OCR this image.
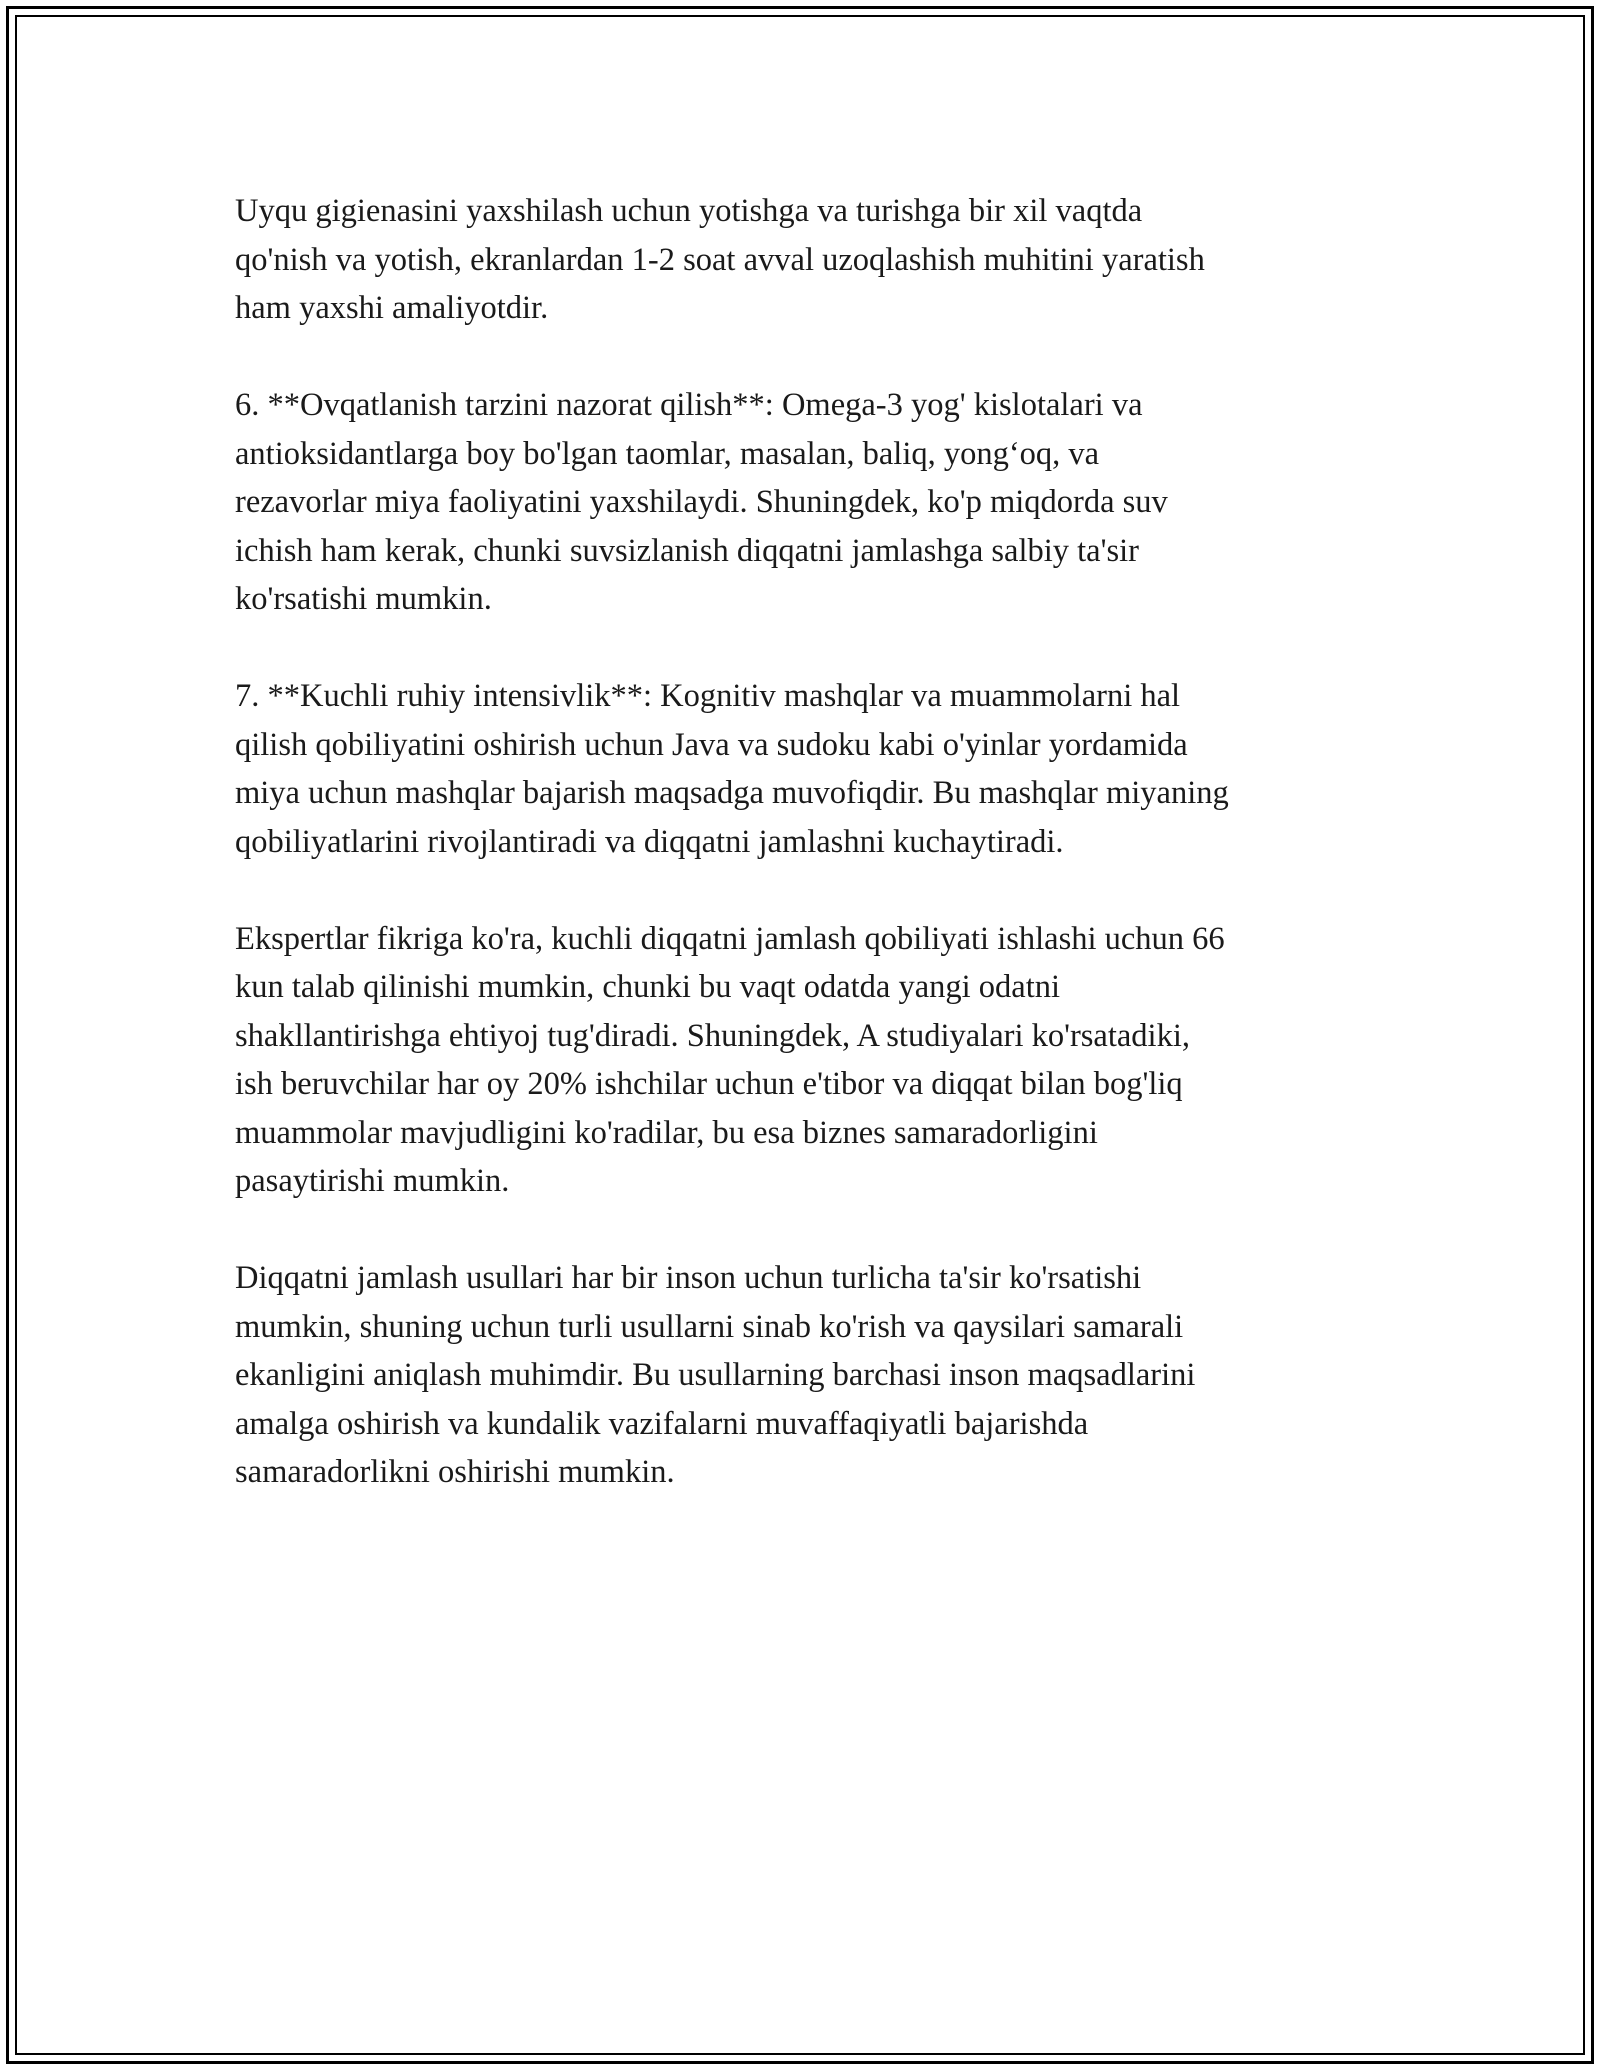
Uyqu gigienasini yaxshilash uchun yotishga va turishga bir xil vaqtda
qo'nish va yotish, ekranlardan 1-2 soat avval uzoqlashish muhitini yaratish
ham yaxshi amaliyotdir.

6. **Ovqatlanish tarzini nazorat qilish**: Omega-3 yog' kislotalari va
antioksidantlarga boy bo'lgan taomlar, masalan, baliq, yong‘oq, va
rezavorlar miya faoliyatini yaxshilaydi. Shuningdek, ko'p miqdorda suv
ichish ham kerak, chunki suvsizlanish diqqatni jamlashga salbiy ta'sir
ko'rsatishi mumkin.

7. **Kuchli ruhiy intensivlik**: Kognitiv mashqlar va muammolarni hal
qilish qobiliyatini oshirish uchun Java va sudoku kabi o'yinlar yordamida
miya uchun mashqlar bajarish maqsadga muvofiqdir. Bu mashqlar miyaning
qobiliyatlarini rivojlantiradi va diqqatni jamlashni kuchaytiradi.

Ekspertlar fikriga ko'ra, kuchli diqqatni jamlash qobiliyati ishlashi uchun 66
kun talab qilinishi mumkin, chunki bu vaqt odatda yangi odatni
shakllantirishga ehtiyoj tug'diradi. Shuningdek, A studiyalari ko'rsatadiki,
ish beruvchilar har oy 20% ishchilar uchun e'tibor va diqqat bilan bog'liq
muammolar mavjudligini ko'radilar, bu esa biznes samaradorligini
pasaytirishi mumkin.

Diqqatni jamlash usullari har bir inson uchun turlicha ta'sir ko'rsatishi
mumkin, shuning uchun turli usullarni sinab ko'rish va qaysilari samarali
ekanligini aniqlash muhimdir. Bu usullarning barchasi inson maqsadlarini
amalga oshirish va kundalik vazifalarni muvaffaqiyatli bajarishda
samaradorlikni oshirishi mumkin.
